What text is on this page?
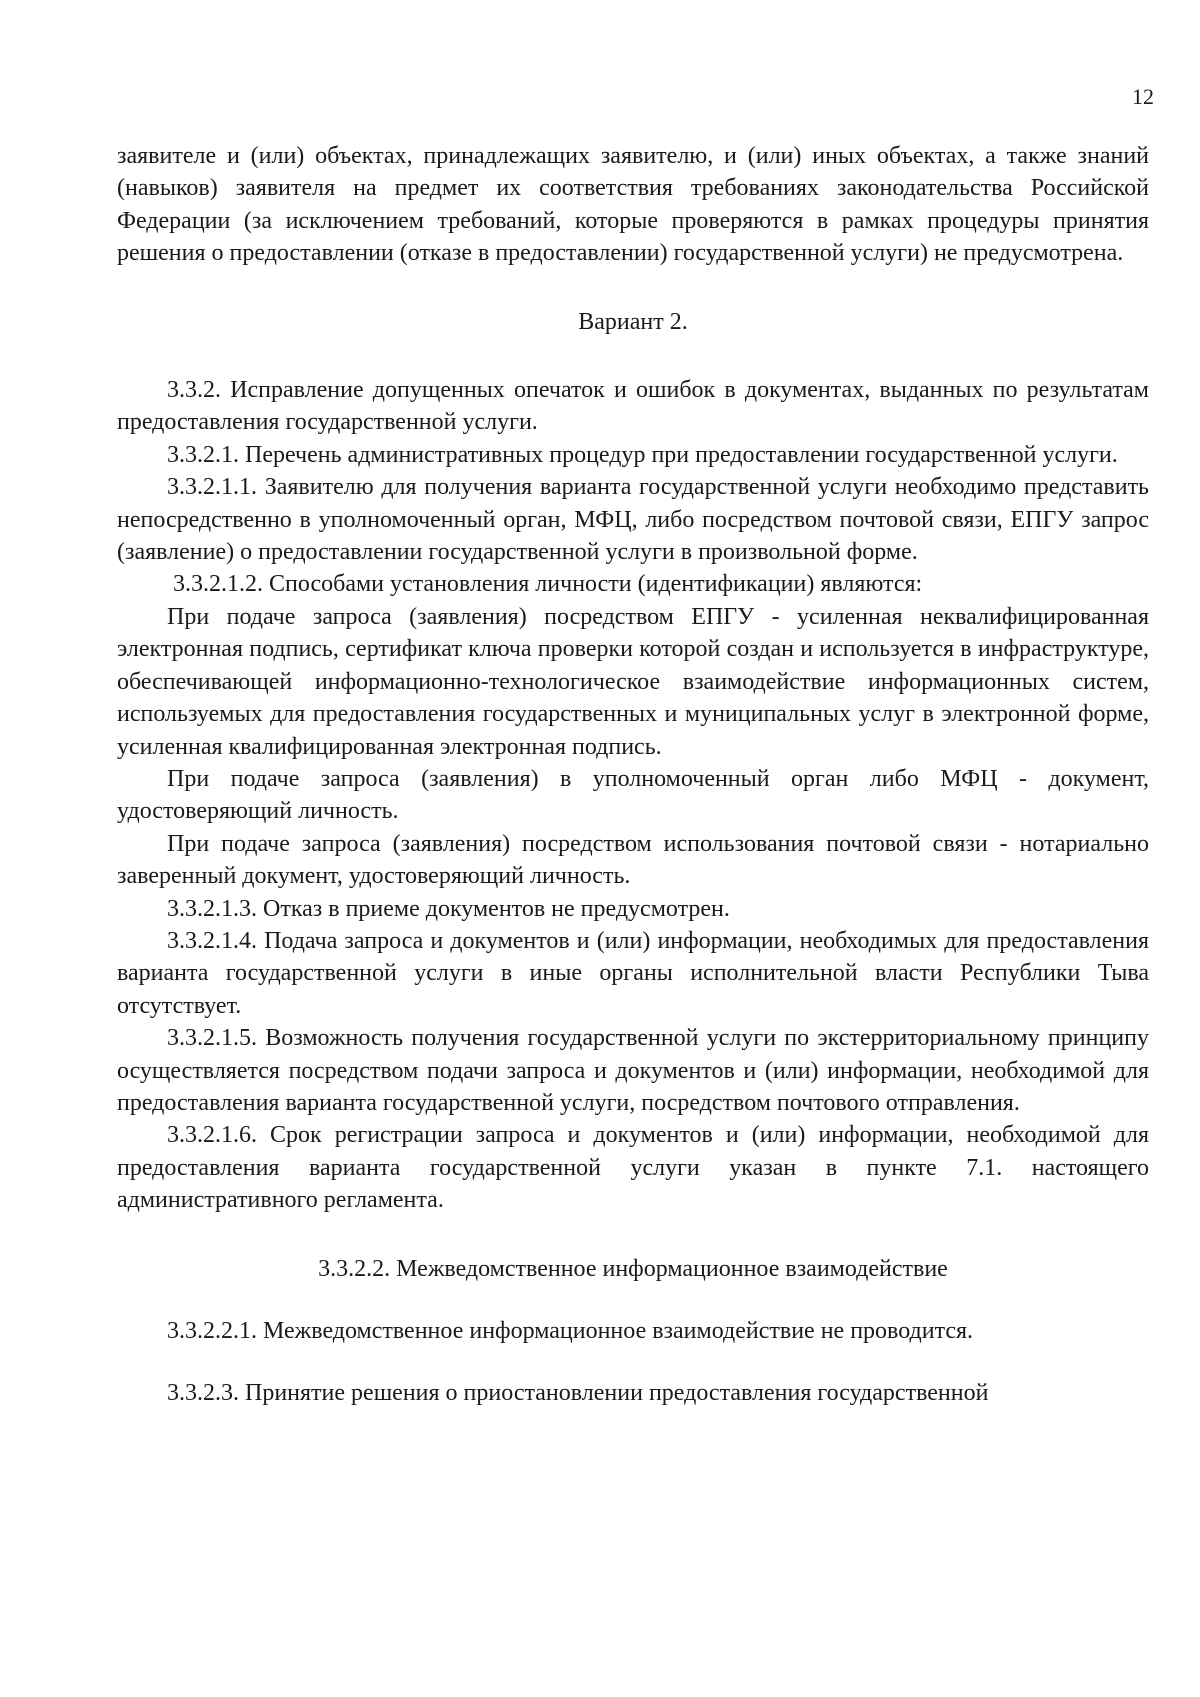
12

заявителе и (или) объектах, принадлежащих заявителю, и (или) иных объектах, а также знаний (навыков) заявителя на предмет их соответствия требованиях законодательства Российской Федерации (за исключением требований, которые проверяются в рамках процедуры принятия решения о предоставлении (отказе в предоставлении) государственной услуги) не предусмотрена.

Вариант 2.

3.3.2. Исправление допущенных опечаток и ошибок в документах, выданных по результатам предоставления государственной услуги.

3.3.2.1. Перечень административных процедур при предоставлении государственной услуги.

3.3.2.1.1. Заявителю для получения варианта государственной услуги необходимо представить непосредственно в уполномоченный орган, МФЦ, либо посредством почтовой связи, ЕПГУ запрос (заявление) о предоставлении государственной услуги в произвольной форме.

3.3.2.1.2. Способами установления личности (идентификации) являются:

При подаче запроса (заявления) посредством ЕПГУ - усиленная неквалифицированная электронная подпись, сертификат ключа проверки которой создан и используется в инфраструктуре, обеспечивающей информационно-технологическое взаимодействие информационных систем, используемых для предоставления государственных и муниципальных услуг в электронной форме, усиленная квалифицированная электронная подпись.

При подаче запроса (заявления) в уполномоченный орган либо МФЦ - документ, удостоверяющий личность.

При подаче запроса (заявления) посредством использования почтовой связи - нотариально заверенный документ, удостоверяющий личность.

3.3.2.1.3. Отказ в приеме документов не предусмотрен.

3.3.2.1.4. Подача запроса и документов и (или) информации, необходимых для предоставления варианта государственной услуги в иные органы исполнительной власти Республики Тыва отсутствует.

3.3.2.1.5. Возможность получения государственной услуги по экстерриториальному принципу осуществляется посредством подачи запроса и документов и (или) информации, необходимой для предоставления варианта государственной услуги, посредством почтового отправления.

3.3.2.1.6. Срок регистрации запроса и документов и (или) информации, необходимой для предоставления варианта государственной услуги указан в пункте 7.1. настоящего административного регламента.

3.3.2.2. Межведомственное информационное взаимодействие

3.3.2.2.1. Межведомственное информационное взаимодействие не проводится.

3.3.2.3. Принятие решения о приостановлении предоставления государственной
